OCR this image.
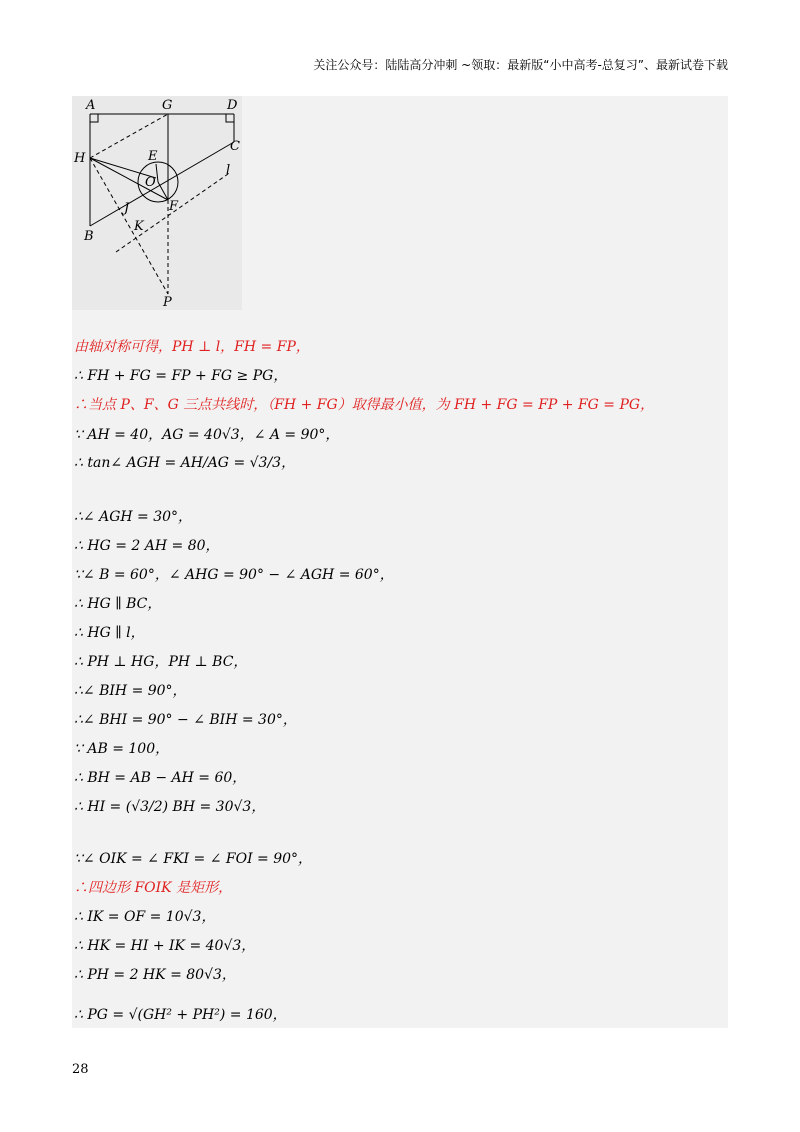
关注公众号：陆陆高分冲刺 ~领取：最新版“小中高考-总复习”、最新试卷下载
A	G	D
H	E
C
O
l
J	F
B
K
P
由轴对称可得，PH ⊥ l，FH = FP，
∴ FH + FG = FP + FG ≥ PG，
∴当点 P、F、G 三点共线时，（FH + FG）取得最小值，为 FH + FG = FP + FG = PG，
∵ AH = 40，AG = 40√3，∠ A = 90°，
∴ tan∠ AGH = AH/AG = √3/3，
∴∠ AGH = 30°，
∴ HG = 2 AH = 80，
∵∠ B = 60°，∠ AHG = 90° − ∠ AGH = 60°，
∴ HG ∥ BC，
∴ HG ∥ l，
∴ PH ⊥ HG，PH ⊥ BC，
∴∠ BIH = 90°，
∴∠ BHI = 90° − ∠ BIH = 30°，
∵ AB = 100，
∴ BH = AB − AH = 60，
∴ HI = (√3/2) BH = 30√3，
∵∠ OIK = ∠ FKI = ∠ FOI = 90°，
∴四边形 FOIK 是矩形，
∴ IK = OF = 10√3，
∴ HK = HI + IK = 40√3，
∴ PH = 2 HK = 80√3，
∴ PG = √(GH² + PH²) = 160，
28
